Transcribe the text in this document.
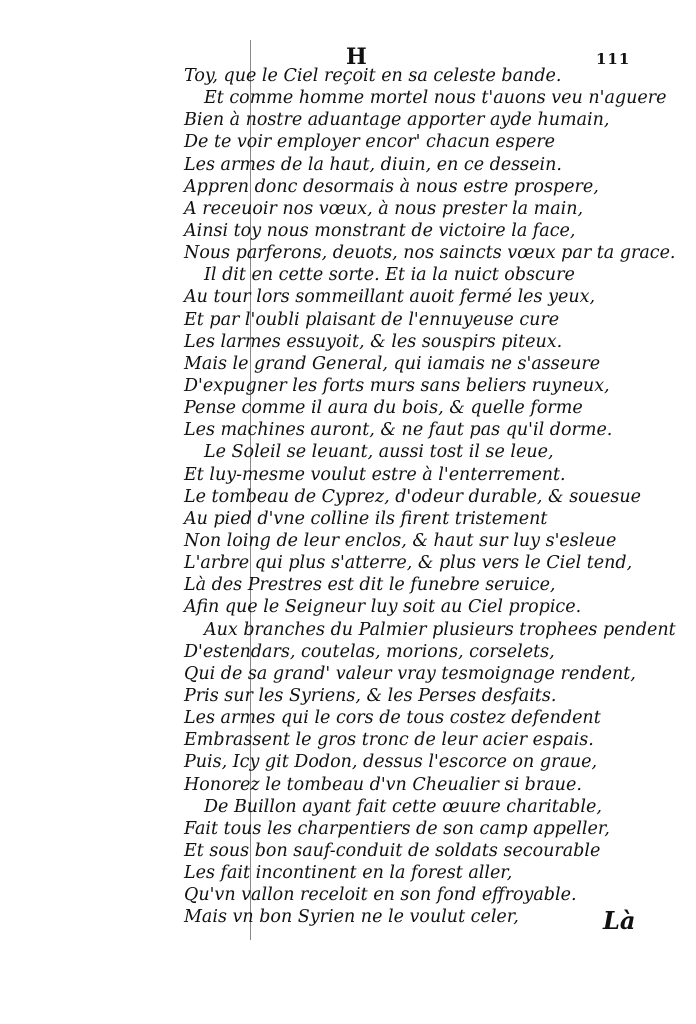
H	111
Toy, que le Ciel reçoit en sa celeste bande.
Et comme homme mortel nous t'auons veu n'aguere
Bien à nostre aduantage apporter ayde humain,
De te voir employer encor' chacun espere
Les armes de la haut, diuin, en ce dessein.
Appren donc desormais à nous estre prospere,
A receuoir nos vœux, à nous prester la main,
Ainsi toy nous monstrant de victoire la face,
Nous parferons, deuots, nos saincts vœux par ta grace.
Il dit en cette sorte. Et ia la nuict obscure
Au tour lors sommeillant auoit fermé les yeux,
Et par l'oubli plaisant de l'ennuyeuse cure
Les larmes essuyoit, & les souspirs piteux.
Mais le grand General, qui iamais ne s'asseure
D'expugner les forts murs sans beliers ruyneux,
Pense comme il aura du bois, & quelle forme
Les machines auront, & ne faut pas qu'il dorme.
Le Soleil se leuant, aussi tost il se leue,
Et luy-mesme voulut estre à l'enterrement.
Le tombeau de Cyprez, d'odeur durable, & souesue
Au pied d'vne colline ils firent tristement
Non loing de leur enclos, & haut sur luy s'esleue
L'arbre qui plus s'atterre, & plus vers le Ciel tend,
Là des Prestres est dit le funebre seruice,
Afin que le Seigneur luy soit au Ciel propice.
Aux branches du Palmier plusieurs trophees pendent
D'estendars, coutelas, morions, corselets,
Qui de sa grand' valeur vray tesmoignage rendent,
Pris sur les Syriens, & les Perses desfaits.
Les armes qui le cors de tous costez defendent
Embrassent le gros tronc de leur acier espais.
Puis, Icy git Dodon, dessus l'escorce on graue,
Honorez le tombeau d'vn Cheualier si braue.
De Buillon ayant fait cette œuure charitable,
Fait tous les charpentiers de son camp appeller,
Et sous bon sauf-conduit de soldats secourable
Les fait incontinent en la forest aller,
Qu'vn vallon receloit en son fond effroyable.
Mais vn bon Syrien ne le voulut celer,	Là
